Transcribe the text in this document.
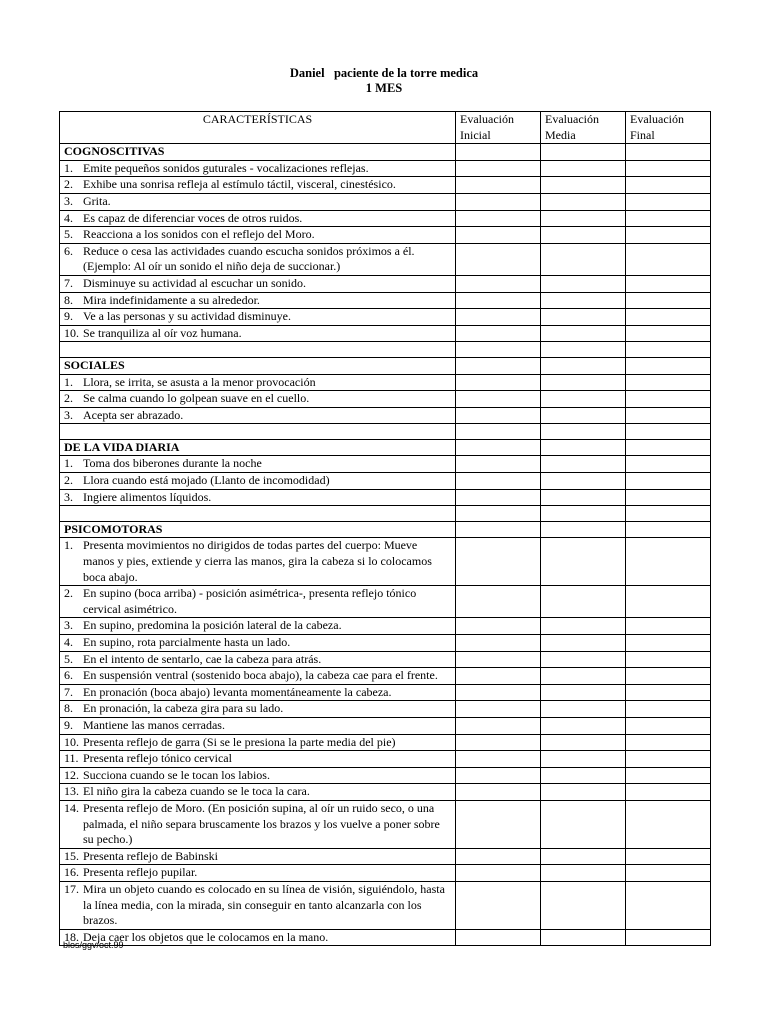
Daniel   paciente de la torre medica
1 MES
CARACTERÍSTICAS	Evaluación Inicial	Evaluación Media	Evaluación Final
COGNOSCITIVAS			

1. Emite pequeños sonidos guturales - vocalizaciones reflejas.			

2. Exhibe una sonrisa refleja al estímulo táctil, visceral, cinestésico.			

3. Grita.			

4. Es capaz de diferenciar voces de otros ruidos.			

5. Reacciona a los sonidos con el reflejo del Moro.			

6. Reduce o cesa las actividades cuando escucha sonidos próximos a él. (Ejemplo: Al oír un sonido el niño deja de succionar.)			

7. Disminuye su actividad al escuchar un sonido.			

8. Mira indefinidamente a su alrededor.			

9. Ve a las personas y su actividad disminuye.			

10. Se tranquiliza al oír voz humana.			

SOCIALES			

1. Llora, se irrita, se asusta a la menor provocación			

2. Se calma cuando lo golpean suave en el cuello.			

3. Acepta ser abrazado.			

DE LA VIDA DIARIA			

1. Toma dos biberones durante la noche			

2. Llora cuando está mojado (Llanto de incomodidad)			

3. Ingiere alimentos líquidos.			

PSICOMOTORAS			

1. Presenta movimientos no dirigidos de todas partes del cuerpo: Mueve manos y pies, extiende y cierra las manos, gira la cabeza si lo colocamos boca abajo.			

2. En supino (boca arriba) - posición asimétrica-, presenta reflejo tónico cervical asimétrico.			

3. En supino, predomina la posición lateral de la cabeza.			

4. En supino, rota parcialmente hasta un lado.			

5. En el intento de sentarlo, cae la cabeza para atrás.			

6. En suspensión ventral (sostenido boca abajo), la cabeza cae para el frente.			

7. En pronación (boca abajo) levanta momentáneamente la cabeza.			

8. En pronación, la cabeza gira para su lado.			

9. Mantiene las manos cerradas.			

10. Presenta reflejo de garra (Si se le presiona la parte media del pie)			

11. Presenta reflejo tónico cervical			

12. Succiona cuando se le tocan los labios.			

13. El niño gira la cabeza cuando se le toca la cara.			

14. Presenta reflejo de Moro. (En posición supina, al oír un ruido seco, o una palmada, el niño separa bruscamente los brazos y los vuelve a poner sobre su pecho.)			

15. Presenta reflejo de Babinski			

16. Presenta reflejo pupilar.			

17. Mira un objeto cuando es colocado en su línea de visión, siguiéndolo, hasta la línea media, con la mirada, sin conseguir en tanto alcanzarla con los brazos.			

18. Deja caer los objetos que le colocamos en la mano.			

blos/ggv/oct.99
